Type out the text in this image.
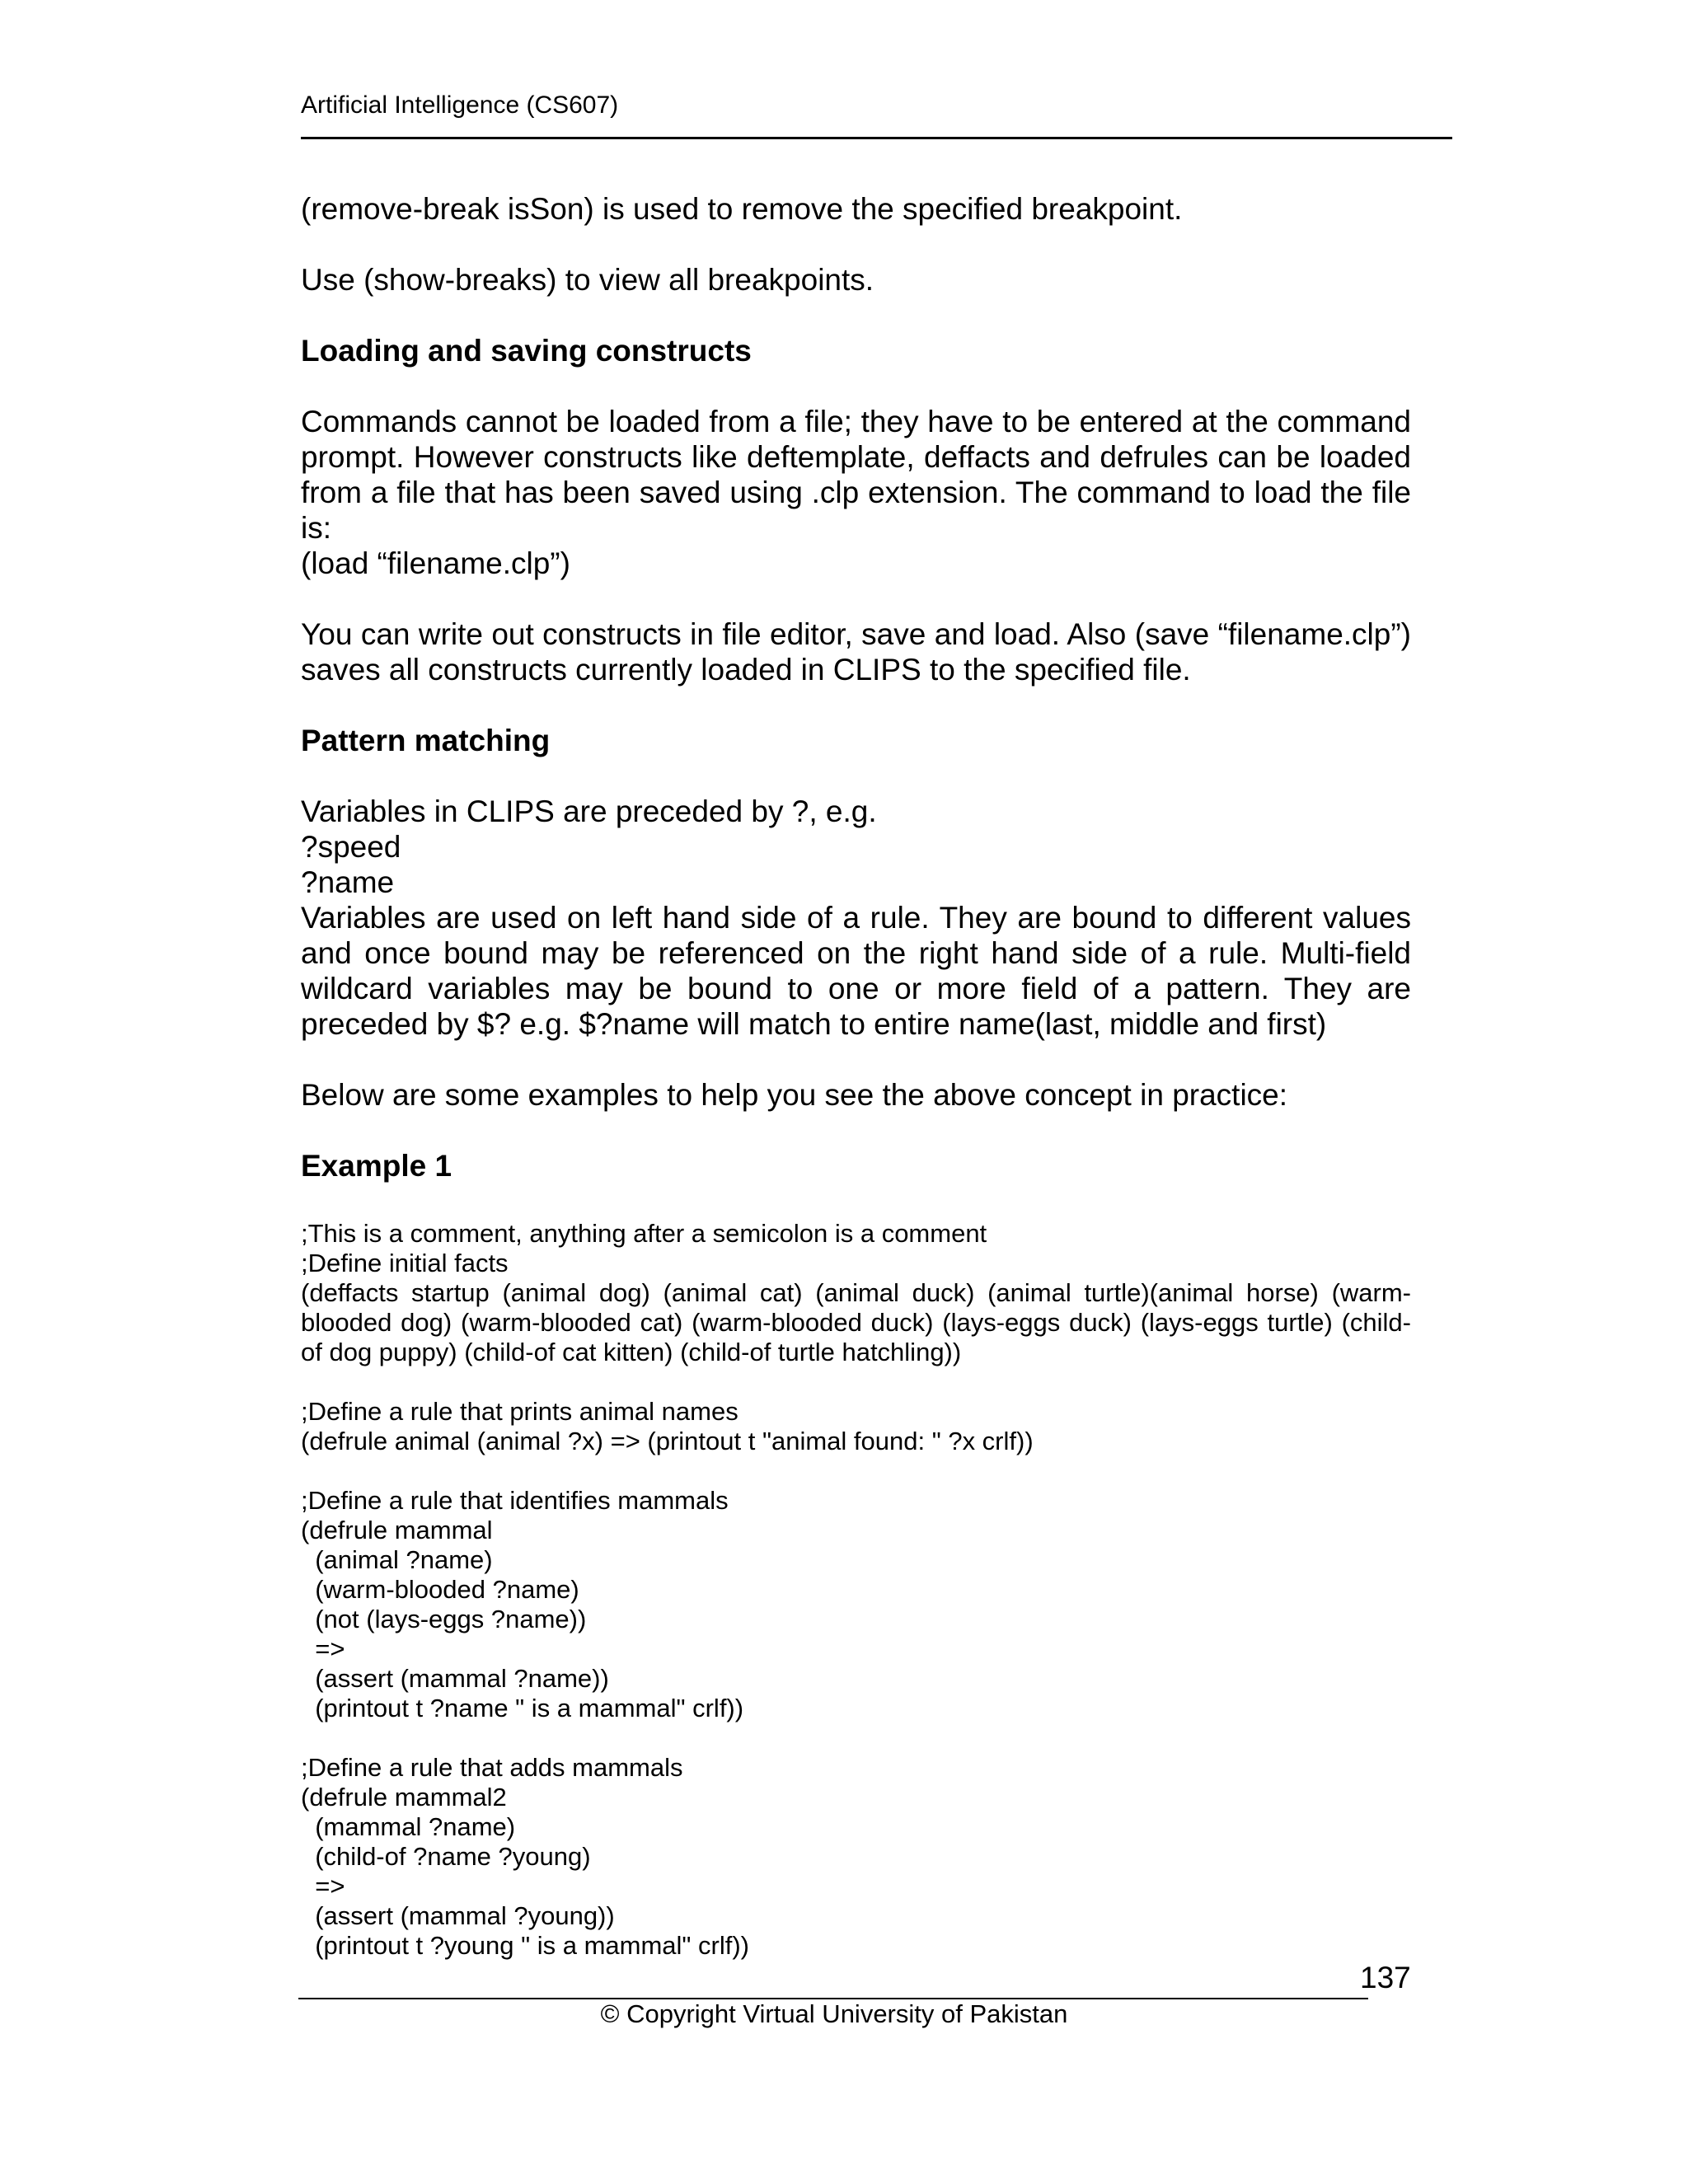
Artificial Intelligence (CS607)

(remove-break isSon) is used to remove the specified breakpoint.

Use (show-breaks) to view all breakpoints.

Loading and saving constructs

Commands cannot be loaded from a file; they have to be entered at the command prompt. However constructs like deftemplate, deffacts and defrules can be loaded from a file that has been saved using .clp extension. The command to load the file is:

(load “filename.clp”)

You can write out constructs in file editor, save and load. Also (save “filename.clp”) saves all constructs currently loaded in CLIPS to the specified file.

Pattern matching

Variables in CLIPS are preceded by ?, e.g.

?speed

?name

Variables are used on left hand side of a rule. They are bound to different values and once bound may be referenced on the right hand side of a rule. Multi-field wildcard variables may be bound to one or more field of a pattern. They are preceded by $? e.g. $?name will match to entire name(last, middle and first)

Below are some examples to help you see the above concept in practice:

Example 1
;This is a comment, anything after a semicolon is a comment
;Define initial facts
(deffacts startup (animal dog) (animal cat) (animal duck) (animal turtle)(animal horse) (warm-blooded dog) (warm-blooded cat) (warm-blooded duck) (lays-eggs duck) (lays-eggs turtle) (child-of dog puppy) (child-of cat kitten) (child-of turtle hatchling))
;Define a rule that prints animal names
(defrule animal (animal ?x) => (printout t "animal found: " ?x crlf))
;Define a rule that identifies mammals
(defrule mammal
(animal ?name)
(warm-blooded ?name)
(not (lays-eggs ?name))
=>
(assert (mammal ?name))
(printout t ?name " is a mammal" crlf))
;Define a rule that adds mammals
(defrule mammal2
(mammal ?name)
(child-of ?name ?young)
=>
(assert (mammal ?young))
(printout t ?young " is a mammal" crlf))
137
© Copyright Virtual University of Pakistan
